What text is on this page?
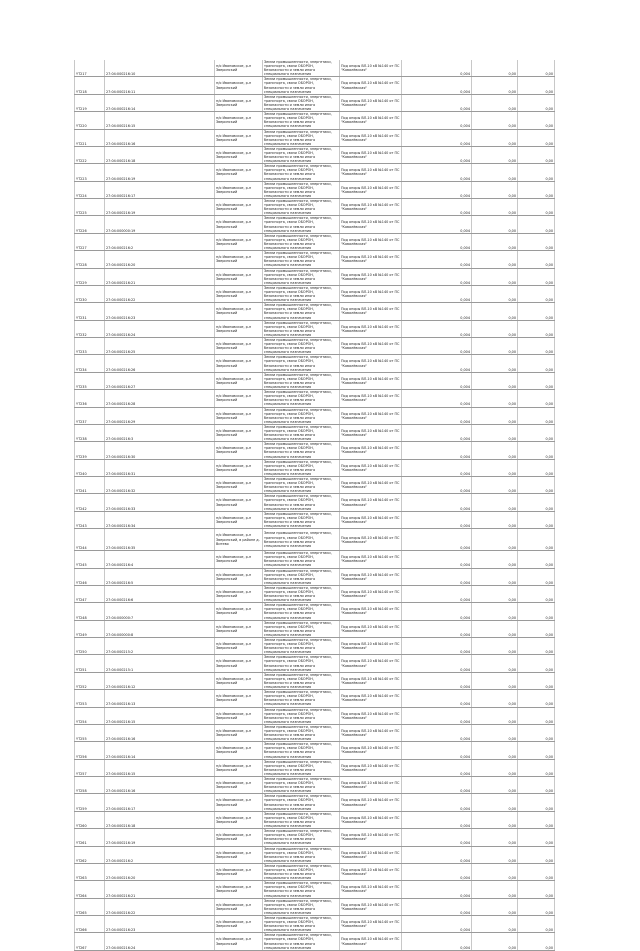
YT217	27:04:000216:10	п/о Ивановское, р-н Зверинский	Земли промышленности, энергетики, транспорта, связи ОБОРОН, безопасности и земли иного специального назначения	Под опоры ВЛ-10 кВ №140 от ПС "Ковалёвская"	0,004	0,00	0,00
YT218	27:04:000216:11	п/о Ивановское, р-н Зверинский	Земли промышленности, энергетики, транспорта, связи ОБОРОН, безопасности и земли иного специального назначения	Под опоры ВЛ-10 кВ №140 от ПС "Ковалёвская"	0,004	0,00	0,00
YT219	27:04:000216:14	п/о Ивановское, р-н Зверинский	Земли промышленности, энергетики, транспорта, связи ОБОРОН, безопасности и земли иного специального назначения	Под опоры ВЛ-10 кВ №140 от ПС "Ковалёвская"	0,004	0,00	0,00
YT220	27:04:000216:15	п/о Ивановское, р-н Зверинский	Земли промышленности, энергетики, транспорта, связи ОБОРОН, безопасности и земли иного специального назначения	Под опоры ВЛ-10 кВ №140 от ПС "Ковалёвская"	0,004	0,00	0,00
YT221	27:04:000216:16	п/о Ивановское, р-н Зверинский	Земли промышленности, энергетики, транспорта, связи ОБОРОН, безопасности и земли иного специального назначения	Под опоры ВЛ-10 кВ №140 от ПС "Ковалёвская"	0,004	0,00	0,00
YT222	27:04:000216:18	п/о Ивановское, р-н Зверинский	Земли промышленности, энергетики, транспорта, связи ОБОРОН, безопасности и земли иного специального назначения	Под опоры ВЛ-10 кВ №140 от ПС "Ковалёвская"	0,004	0,00	0,00
YT223	27:04:000216:19	п/о Ивановское, р-н Зверинский	Земли промышленности, энергетики, транспорта, связи ОБОРОН, безопасности и земли иного специального назначения	Под опоры ВЛ-10 кВ №140 от ПС "Ковалёвская"	0,004	0,00	0,00
YT224	27:04:000216:17	п/о Ивановское, р-н Зверинский	Земли промышленности, энергетики, транспорта, связи ОБОРОН, безопасности и земли иного специального назначения	Под опоры ВЛ-10 кВ №140 от ПС "Ковалёвская"	0,004	0,00	0,00
YT225	27:04:000216:19	п/о Ивановское, р-н Зверинский	Земли промышленности, энергетики, транспорта, связи ОБОРОН, безопасности и земли иного специального назначения	Под опоры ВЛ-10 кВ №140 от ПС "Ковалёвская"	0,004	0,00	0,00
YT226	27:04:000000:19	п/о Ивановское, р-н Зверинский	Земли промышленности, энергетики, транспорта, связи ОБОРОН, безопасности и земли иного специального назначения	Под опоры ВЛ-10 кВ №140 от ПС "Ковалёвская"	0,004	0,00	0,00
YT227	27:04:000216:2	п/о Ивановское, р-н Зверинский	Земли промышленности, энергетики, транспорта, связи ОБОРОН, безопасности и земли иного специального назначения	Под опоры ВЛ-10 кВ №140 от ПС "Ковалёвская"	0,004	0,00	0,00
YT228	27:04:000216:20	п/о Ивановское, р-н Зверинский	Земли промышленности, энергетики, транспорта, связи ОБОРОН, безопасности и земли иного специального назначения	Под опоры ВЛ-10 кВ №140 от ПС "Ковалёвская"	0,004	0,00	0,00
YT229	27:04:000216:21	п/о Ивановское, р-н Зверинский	Земли промышленности, энергетики, транспорта, связи ОБОРОН, безопасности и земли иного специального назначения	Под опоры ВЛ-10 кВ №140 от ПС "Ковалёвская"	0,004	0,00	0,00
YT230	27:04:000216:22	п/о Ивановское, р-н Зверинский	Земли промышленности, энергетики, транспорта, связи ОБОРОН, безопасности и земли иного специального назначения	Под опоры ВЛ-10 кВ №140 от ПС "Ковалёвская"	0,004	0,00	0,00
YT231	27:04:000216:23	п/о Ивановское, р-н Зверинский	Земли промышленности, энергетики, транспорта, связи ОБОРОН, безопасности и земли иного специального назначения	Под опоры ВЛ-10 кВ №140 от ПС "Ковалёвская"	0,004	0,00	0,00
YT232	27:04:000216:24	п/о Ивановское, р-н Зверинский	Земли промышленности, энергетики, транспорта, связи ОБОРОН, безопасности и земли иного специального назначения	Под опоры ВЛ-10 кВ №140 от ПС "Ковалёвская"	0,004	0,00	0,00
YT233	27:04:000216:25	п/о Ивановское, р-н Зверинский	Земли промышленности, энергетики, транспорта, связи ОБОРОН, безопасности и земли иного специального назначения	Под опоры ВЛ-10 кВ №140 от ПС "Ковалёвская"	0,004	0,00	0,00
YT234	27:04:000216:26	п/о Ивановское, р-н Зверинский	Земли промышленности, энергетики, транспорта, связи ОБОРОН, безопасности и земли иного специального назначения	Под опоры ВЛ-10 кВ №140 от ПС "Ковалёвская"	0,004	0,00	0,00
YT235	27:04:000216:27	п/о Ивановское, р-н Зверинский	Земли промышленности, энергетики, транспорта, связи ОБОРОН, безопасности и земли иного специального назначения	Под опоры ВЛ-10 кВ №140 от ПС "Ковалёвская"	0,004	0,00	0,00
YT236	27:04:000216:28	п/о Ивановское, р-н Зверинский	Земли промышленности, энергетики, транспорта, связи ОБОРОН, безопасности и земли иного специального назначения	Под опоры ВЛ-10 кВ №140 от ПС "Ковалёвская"	0,004	0,00	0,00
YT237	27:04:000216:29	п/о Ивановское, р-н Зверинский	Земли промышленности, энергетики, транспорта, связи ОБОРОН, безопасности и земли иного специального назначения	Под опоры ВЛ-10 кВ №140 от ПС "Ковалёвская"	0,004	0,00	0,00
YT238	27:04:000216:3	п/о Ивановское, р-н Зверинский	Земли промышленности, энергетики, транспорта, связи ОБОРОН, безопасности и земли иного специального назначения	Под опоры ВЛ-10 кВ №140 от ПС "Ковалёвская"	0,004	0,00	0,00
YT239	27:04:000216:30	п/о Ивановское, р-н Зверинский	Земли промышленности, энергетики, транспорта, связи ОБОРОН, безопасности и земли иного специального назначения	Под опоры ВЛ-10 кВ №140 от ПС "Ковалёвская"	0,004	0,00	0,00
YT240	27:04:000216:31	п/о Ивановское, р-н Зверинский	Земли промышленности, энергетики, транспорта, связи ОБОРОН, безопасности и земли иного специального назначения	Под опоры ВЛ-10 кВ №140 от ПС "Ковалёвская"	0,004	0,00	0,00
YT241	27:04:000216:32	п/о Ивановское, р-н Зверинский	Земли промышленности, энергетики, транспорта, связи ОБОРОН, безопасности и земли иного специального назначения	Под опоры ВЛ-10 кВ №140 от ПС "Ковалёвская"	0,004	0,00	0,00
YT242	27:04:000216:33	п/о Ивановское, р-н Зверинский	Земли промышленности, энергетики, транспорта, связи ОБОРОН, безопасности и земли иного специального назначения	Под опоры ВЛ-10 кВ №140 от ПС "Ковалёвская"	0,004	0,00	0,00
YT243	27:04:000216:34	п/о Ивановское, р-н Зверинский	Земли промышленности, энергетики, транспорта, связи ОБОРОН, безопасности и земли иного специального назначения	Под опоры ВЛ-10 кВ №140 от ПС "Ковалёвская"	0,004	0,00	0,00
YT244	27:04:000216:35	п/о Ивановское, р-н Зверинский, в районе д. Витево	Земли промышленности, энергетики, транспорта, связи ОБОРОН, безопасности и земли иного специального назначения	Под опоры ВЛ-10 кВ №140 от ПС "Ковалёвская"	0,004	0,00	0,00
YT245	27:04:000216:4	п/о Ивановское, р-н Зверинский	Земли промышленности, энергетики, транспорта, связи ОБОРОН, безопасности и земли иного специального назначения	Под опоры ВЛ-10 кВ №140 от ПС "Ковалёвская"	0,004	0,00	0,00
YT246	27:04:000216:5	п/о Ивановское, р-н Зверинский	Земли промышленности, энергетики, транспорта, связи ОБОРОН, безопасности и земли иного специального назначения	Под опоры ВЛ-10 кВ №140 от ПС "Ковалёвская"	0,004	0,00	0,00
YT247	27:04:000216:6	п/о Ивановское, р-н Зверинский	Земли промышленности, энергетики, транспорта, связи ОБОРОН, безопасности и земли иного специального назначения	Под опоры ВЛ-10 кВ №140 от ПС "Ковалёвская"	0,004	0,00	0,00
YT248	27:04:000000:7	п/о Ивановское, р-н Зверинский	Земли промышленности, энергетики, транспорта, связи ОБОРОН, безопасности и земли иного специального назначения	Под опоры ВЛ-10 кВ №140 от ПС "Ковалёвская"	0,004	0,00	0,00
YT249	27:04:000000:8	п/о Ивановское, р-н Зверинский	Земли промышленности, энергетики, транспорта, связи ОБОРОН, безопасности и земли иного специального назначения	Под опоры ВЛ-10 кВ №140 от ПС "Ковалёвская"	0,004	0,00	0,00
YT250	27:04:000215:2	п/о Ивановское, р-н Зверинский	Земли промышленности, энергетики, транспорта, связи ОБОРОН, безопасности и земли иного специального назначения	Под опоры ВЛ-10 кВ №140 от ПС "Ковалёвская"	0,004	0,00	0,00
YT251	27:04:000215:1	п/о Ивановское, р-н Зверинский	Земли промышленности, энергетики, транспорта, связи ОБОРОН, безопасности и земли иного специального назначения	Под опоры ВЛ-10 кВ №140 от ПС "Ковалёвская"	0,004	0,00	0,00
YT252	27:04:000216:12	п/о Ивановское, р-н Зверинский	Земли промышленности, энергетики, транспорта, связи ОБОРОН, безопасности и земли иного специального назначения	Под опоры ВЛ-10 кВ №140 от ПС "Ковалёвская"	0,004	0,00	0,00
YT253	27:04:000216:13	п/о Ивановское, р-н Зверинский	Земли промышленности, энергетики, транспорта, связи ОБОРОН, безопасности и земли иного специального назначения	Под опоры ВЛ-10 кВ №140 от ПС "Ковалёвская"	0,004	0,00	0,00
YT254	27:04:000216:15	п/о Ивановское, р-н Зверинский	Земли промышленности, энергетики, транспорта, связи ОБОРОН, безопасности и земли иного специального назначения	Под опоры ВЛ-10 кВ №140 от ПС "Ковалёвская"	0,004	0,00	0,00
YT255	27:04:000216:16	п/о Ивановское, р-н Зверинский	Земли промышленности, энергетики, транспорта, связи ОБОРОН, безопасности и земли иного специального назначения	Под опоры ВЛ-10 кВ №140 от ПС "Ковалёвская"	0,004	0,00	0,00
YT256	27:04:000216:14	п/о Ивановское, р-н Зверинский	Земли промышленности, энергетики, транспорта, связи ОБОРОН, безопасности и земли иного специального назначения	Под опоры ВЛ-10 кВ №140 от ПС "Ковалёвская"	0,004	0,00	0,00
YT257	27:04:000216:15	п/о Ивановское, р-н Зверинский	Земли промышленности, энергетики, транспорта, связи ОБОРОН, безопасности и земли иного специального назначения	Под опоры ВЛ-10 кВ №140 от ПС "Ковалёвская"	0,004	0,00	0,00
YT258	27:04:000216:16	п/о Ивановское, р-н Зверинский	Земли промышленности, энергетики, транспорта, связи ОБОРОН, безопасности и земли иного специального назначения	Под опоры ВЛ-10 кВ №140 от ПС "Ковалёвская"	0,004	0,00	0,00
YT259	27:04:000216:17	п/о Ивановское, р-н Зверинский	Земли промышленности, энергетики, транспорта, связи ОБОРОН, безопасности и земли иного специального назначения	Под опоры ВЛ-10 кВ №140 от ПС "Ковалёвская"	0,004	0,00	0,00
YT260	27:04:000216:18	п/о Ивановское, р-н Зверинский	Земли промышленности, энергетики, транспорта, связи ОБОРОН, безопасности и земли иного специального назначения	Под опоры ВЛ-10 кВ №140 от ПС "Ковалёвская"	0,004	0,00	0,00
YT261	27:04:000216:19	п/о Ивановское, р-н Зверинский	Земли промышленности, энергетики, транспорта, связи ОБОРОН, безопасности и земли иного специального назначения	Под опоры ВЛ-10 кВ №140 от ПС "Ковалёвская"	0,004	0,00	0,00
YT262	27:04:000216:2	п/о Ивановское, р-н Зверинский	Земли промышленности, энергетики, транспорта, связи ОБОРОН, безопасности и земли иного специального назначения	Под опоры ВЛ-10 кВ №140 от ПС "Ковалёвская"	0,004	0,00	0,00
YT263	27:04:000216:20	п/о Ивановское, р-н Зверинский	Земли промышленности, энергетики, транспорта, связи ОБОРОН, безопасности и земли иного специального назначения	Под опоры ВЛ-10 кВ №140 от ПС "Ковалёвская"	0,004	0,00	0,00
YT264	27:04:000216:21	п/о Ивановское, р-н Зверинский	Земли промышленности, энергетики, транспорта, связи ОБОРОН, безопасности и земли иного специального назначения	Под опоры ВЛ-10 кВ №140 от ПС "Ковалёвская"	0,004	0,00	0,00
YT265	27:04:000216:22	п/о Ивановское, р-н Зверинский	Земли промышленности, энергетики, транспорта, связи ОБОРОН, безопасности и земли иного специального назначения	Под опоры ВЛ-10 кВ №140 от ПС "Ковалёвская"	0,004	0,00	0,00
YT266	27:04:000216:23	п/о Ивановское, р-н Зверинский	Земли промышленности, энергетики, транспорта, связи ОБОРОН, безопасности и земли иного специального назначения	Под опоры ВЛ-10 кВ №140 от ПС "Ковалёвская"	0,004	0,00	0,00
YT267	27:04:000216:24	п/о Ивановское, р-н Зверинский	Земли промышленности, энергетики, транспорта, связи ОБОРОН, безопасности и земли иного специального назначения	Под опоры ВЛ-10 кВ №140 от ПС "Ковалёвская"	0,004	0,00	0,00
